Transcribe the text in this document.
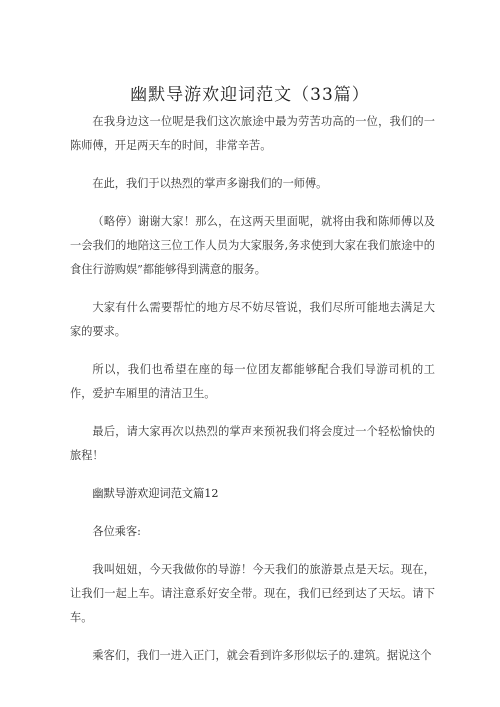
幽默导游欢迎词范文（33篇）

在我身边这一位呢是我们这次旅途中最为劳苦功高的一位，我们的一陈师傅，开足两天车的时间，非常辛苦。

在此，我们于以热烈的掌声多谢我们的一师傅。

（略停）谢谢大家！那么，在这两天里面呢，就将由我和陈师傅以及一会我们的地陪这三位工作人员为大家服务,务求使到大家在我们旅途中的食住行游购娱”都能够得到满意的服务。

大家有什么需要帮忙的地方尽不妨尽管说，我们尽所可能地去满足大家的要求。

所以，我们也希望在座的每一位团友都能够配合我们导游司机的工作，爱护车厢里的清洁卫生。

最后，请大家再次以热烈的掌声来预祝我们将会度过一个轻松愉快的旅程！

幽默导游欢迎词范文篇12

各位乘客:

我叫妞妞，今天我做你的导游！今天我们的旅游景点是天坛。现在，让我们一起上车。请注意系好安全带。现在，我们已经到达了天坛。请下车。

乘客们，我们一进入正门，就会看到许多形似坛子的.建筑。据说这个
